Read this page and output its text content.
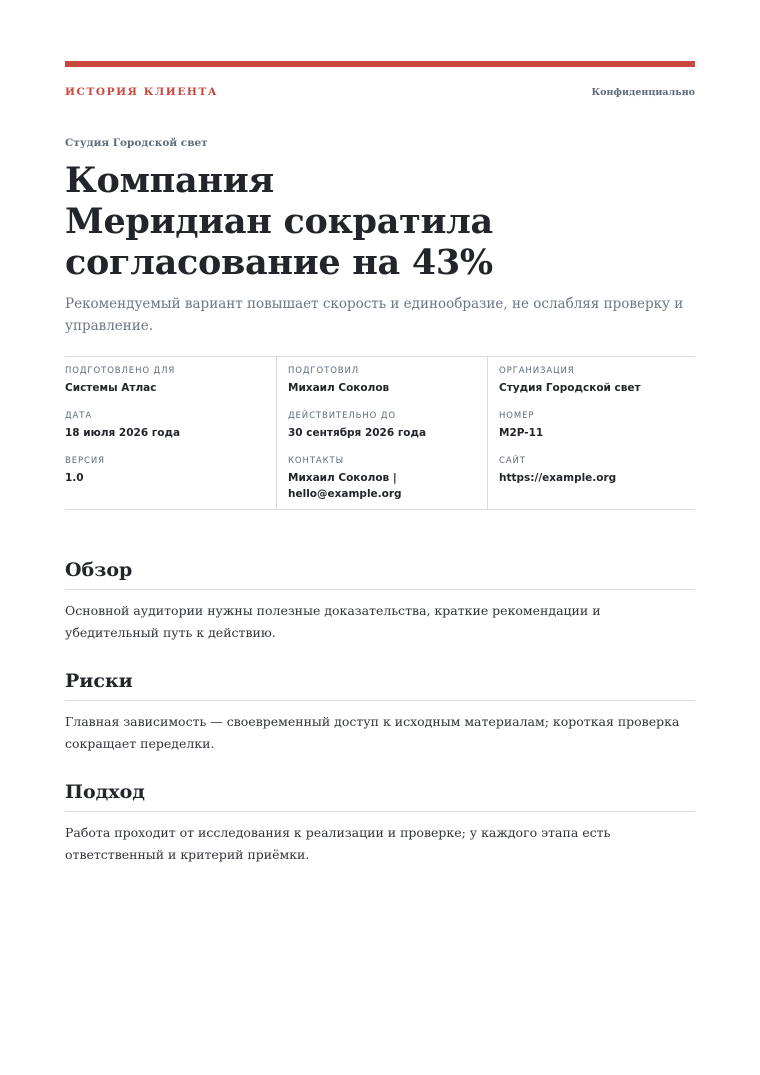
ИСТОРИЯ КЛИЕНТА	Конфиденциально
Студия Городской свет
Компания
Меридиан сократила
согласование на 43%

Рекомендуемый вариант повышает скорость и единообразие, не ослабляя проверку и управление.

ПОДГОТОВЛЕНО ДЛЯ
Системы Атлас
ДАТА
18 июля 2026 года
ВЕРСИЯ
1.0
ПОДГОТОВИЛ
Михаил Соколов
ДЕЙСТВИТЕЛЬНО ДО
30 сентября 2026 года
КОНТАКТЫ
Михаил Соколов |
hello@example.org
ОРГАНИЗАЦИЯ
Студия Городской свет
НОМЕР
M2P-11
САЙТ
https://example.org
Обзор

Основной аудитории нужны полезные доказательства, краткие рекомендации и убедительный путь к действию.

Риски

Главная зависимость — своевременный доступ к исходным материалам; короткая проверка сокращает переделки.

Подход

Работа проходит от исследования к реализации и проверке; у каждого этапа есть ответственный и критерий приёмки.
